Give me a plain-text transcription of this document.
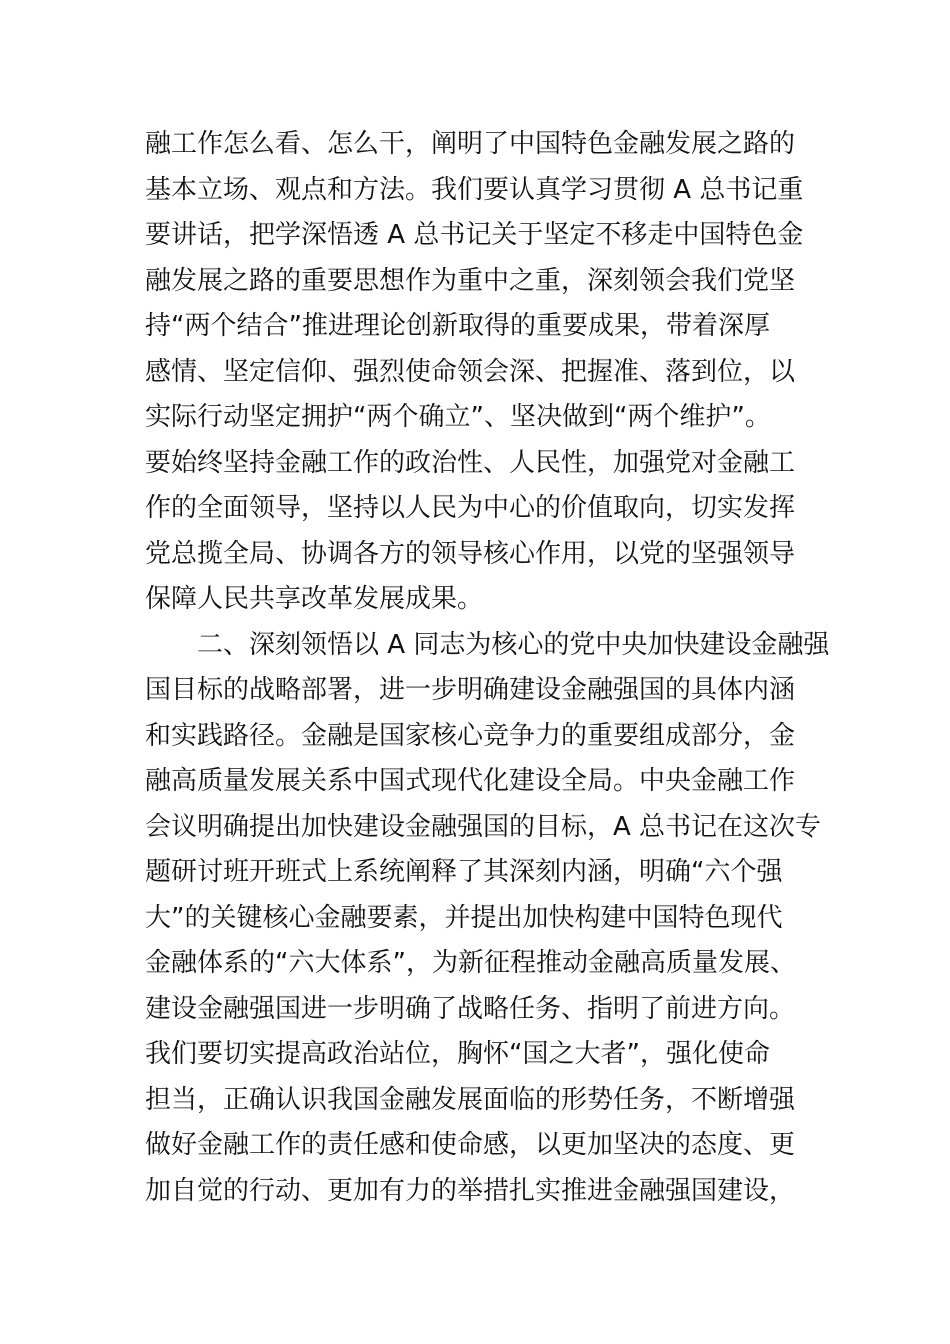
融工作怎么看、怎么干，阐明了中国特色金融发展之路的
基本立场、观点和方法。我们要认真学习贯彻 A 总书记重
要讲话，把学深悟透 A 总书记关于坚定不移走中国特色金
融发展之路的重要思想作为重中之重，深刻领会我们党坚
持“两个结合”推进理论创新取得的重要成果，带着深厚
感情、坚定信仰、强烈使命领会深、把握准、落到位，以
实际行动坚定拥护“两个确立”、坚决做到“两个维护”。
要始终坚持金融工作的政治性、人民性，加强党对金融工
作的全面领导，坚持以人民为中心的价值取向，切实发挥
党总揽全局、协调各方的领导核心作用，以党的坚强领导
保障人民共享改革发展成果。
二、深刻领悟以 A 同志为核心的党中央加快建设金融强
国目标的战略部署，进一步明确建设金融强国的具体内涵
和实践路径。金融是国家核心竞争力的重要组成部分，金
融高质量发展关系中国式现代化建设全局。中央金融工作
会议明确提出加快建设金融强国的目标，A 总书记在这次专
题研讨班开班式上系统阐释了其深刻内涵，明确“六个强
大”的关键核心金融要素，并提出加快构建中国特色现代
金融体系的“六大体系”，为新征程推动金融高质量发展、
建设金融强国进一步明确了战略任务、指明了前进方向。
我们要切实提高政治站位，胸怀“国之大者”，强化使命
担当，正确认识我国金融发展面临的形势任务，不断增强
做好金融工作的责任感和使命感，以更加坚决的态度、更
加自觉的行动、更加有力的举措扎实推进金融强国建设，
